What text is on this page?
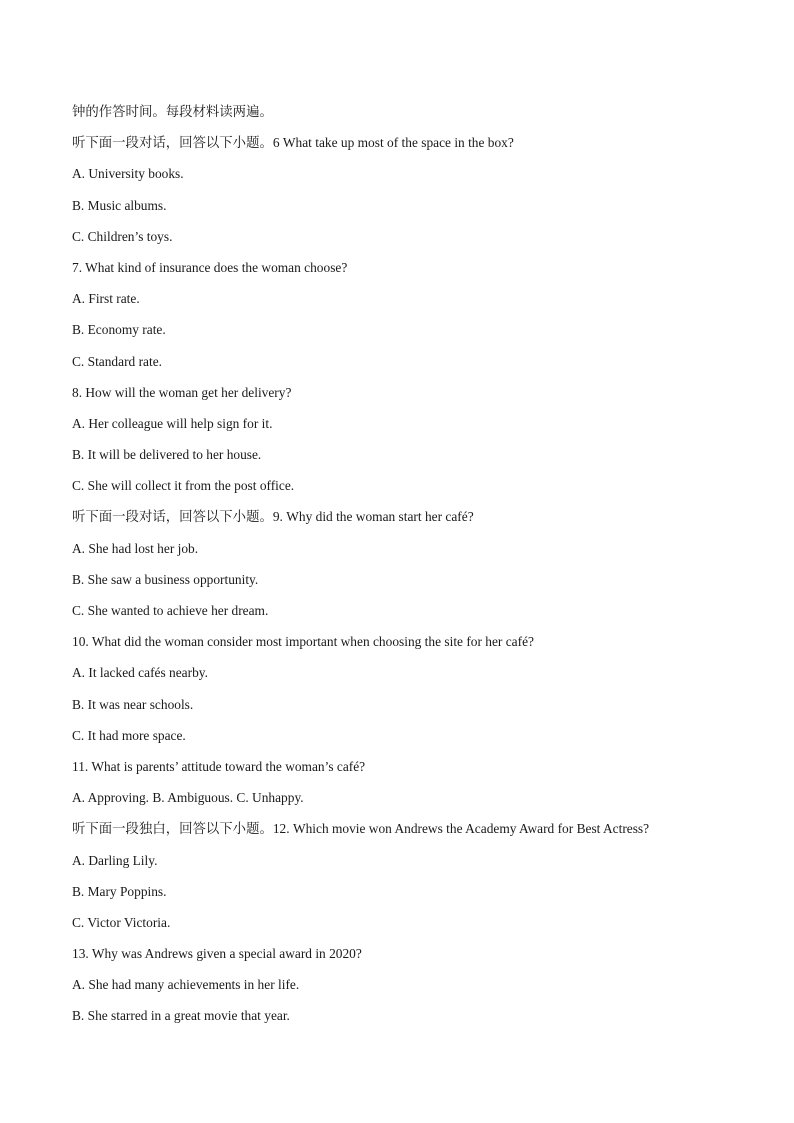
钟的作答时间。每段材料读两遍。
听下面一段对话，回答以下小题。6 What take up most of the space in the box?
A. University books.
B. Music albums.
C. Children’s toys.
7. What kind of insurance does the woman choose?
A. First rate.
B. Economy rate.
C. Standard rate.
8. How will the woman get her delivery?
A. Her colleague will help sign for it.
B. It will be delivered to her house.
C. She will collect it from the post office.
听下面一段对话，回答以下小题。9. Why did the woman start her café?
A. She had lost her job.
B. She saw a business opportunity.
C. She wanted to achieve her dream.
10. What did the woman consider most important when choosing the site for her café?
A. It lacked cafés nearby.
B. It was near schools.
C. It had more space.
11. What is parents’ attitude toward the woman’s café?
A. Approving. B. Ambiguous. C. Unhappy.
听下面一段独白，回答以下小题。12. Which movie won Andrews the Academy Award for Best Actress?
A. Darling Lily.
B. Mary Poppins.
C. Victor Victoria.
13. Why was Andrews given a special award in 2020?
A. She had many achievements in her life.
B. She starred in a great movie that year.
